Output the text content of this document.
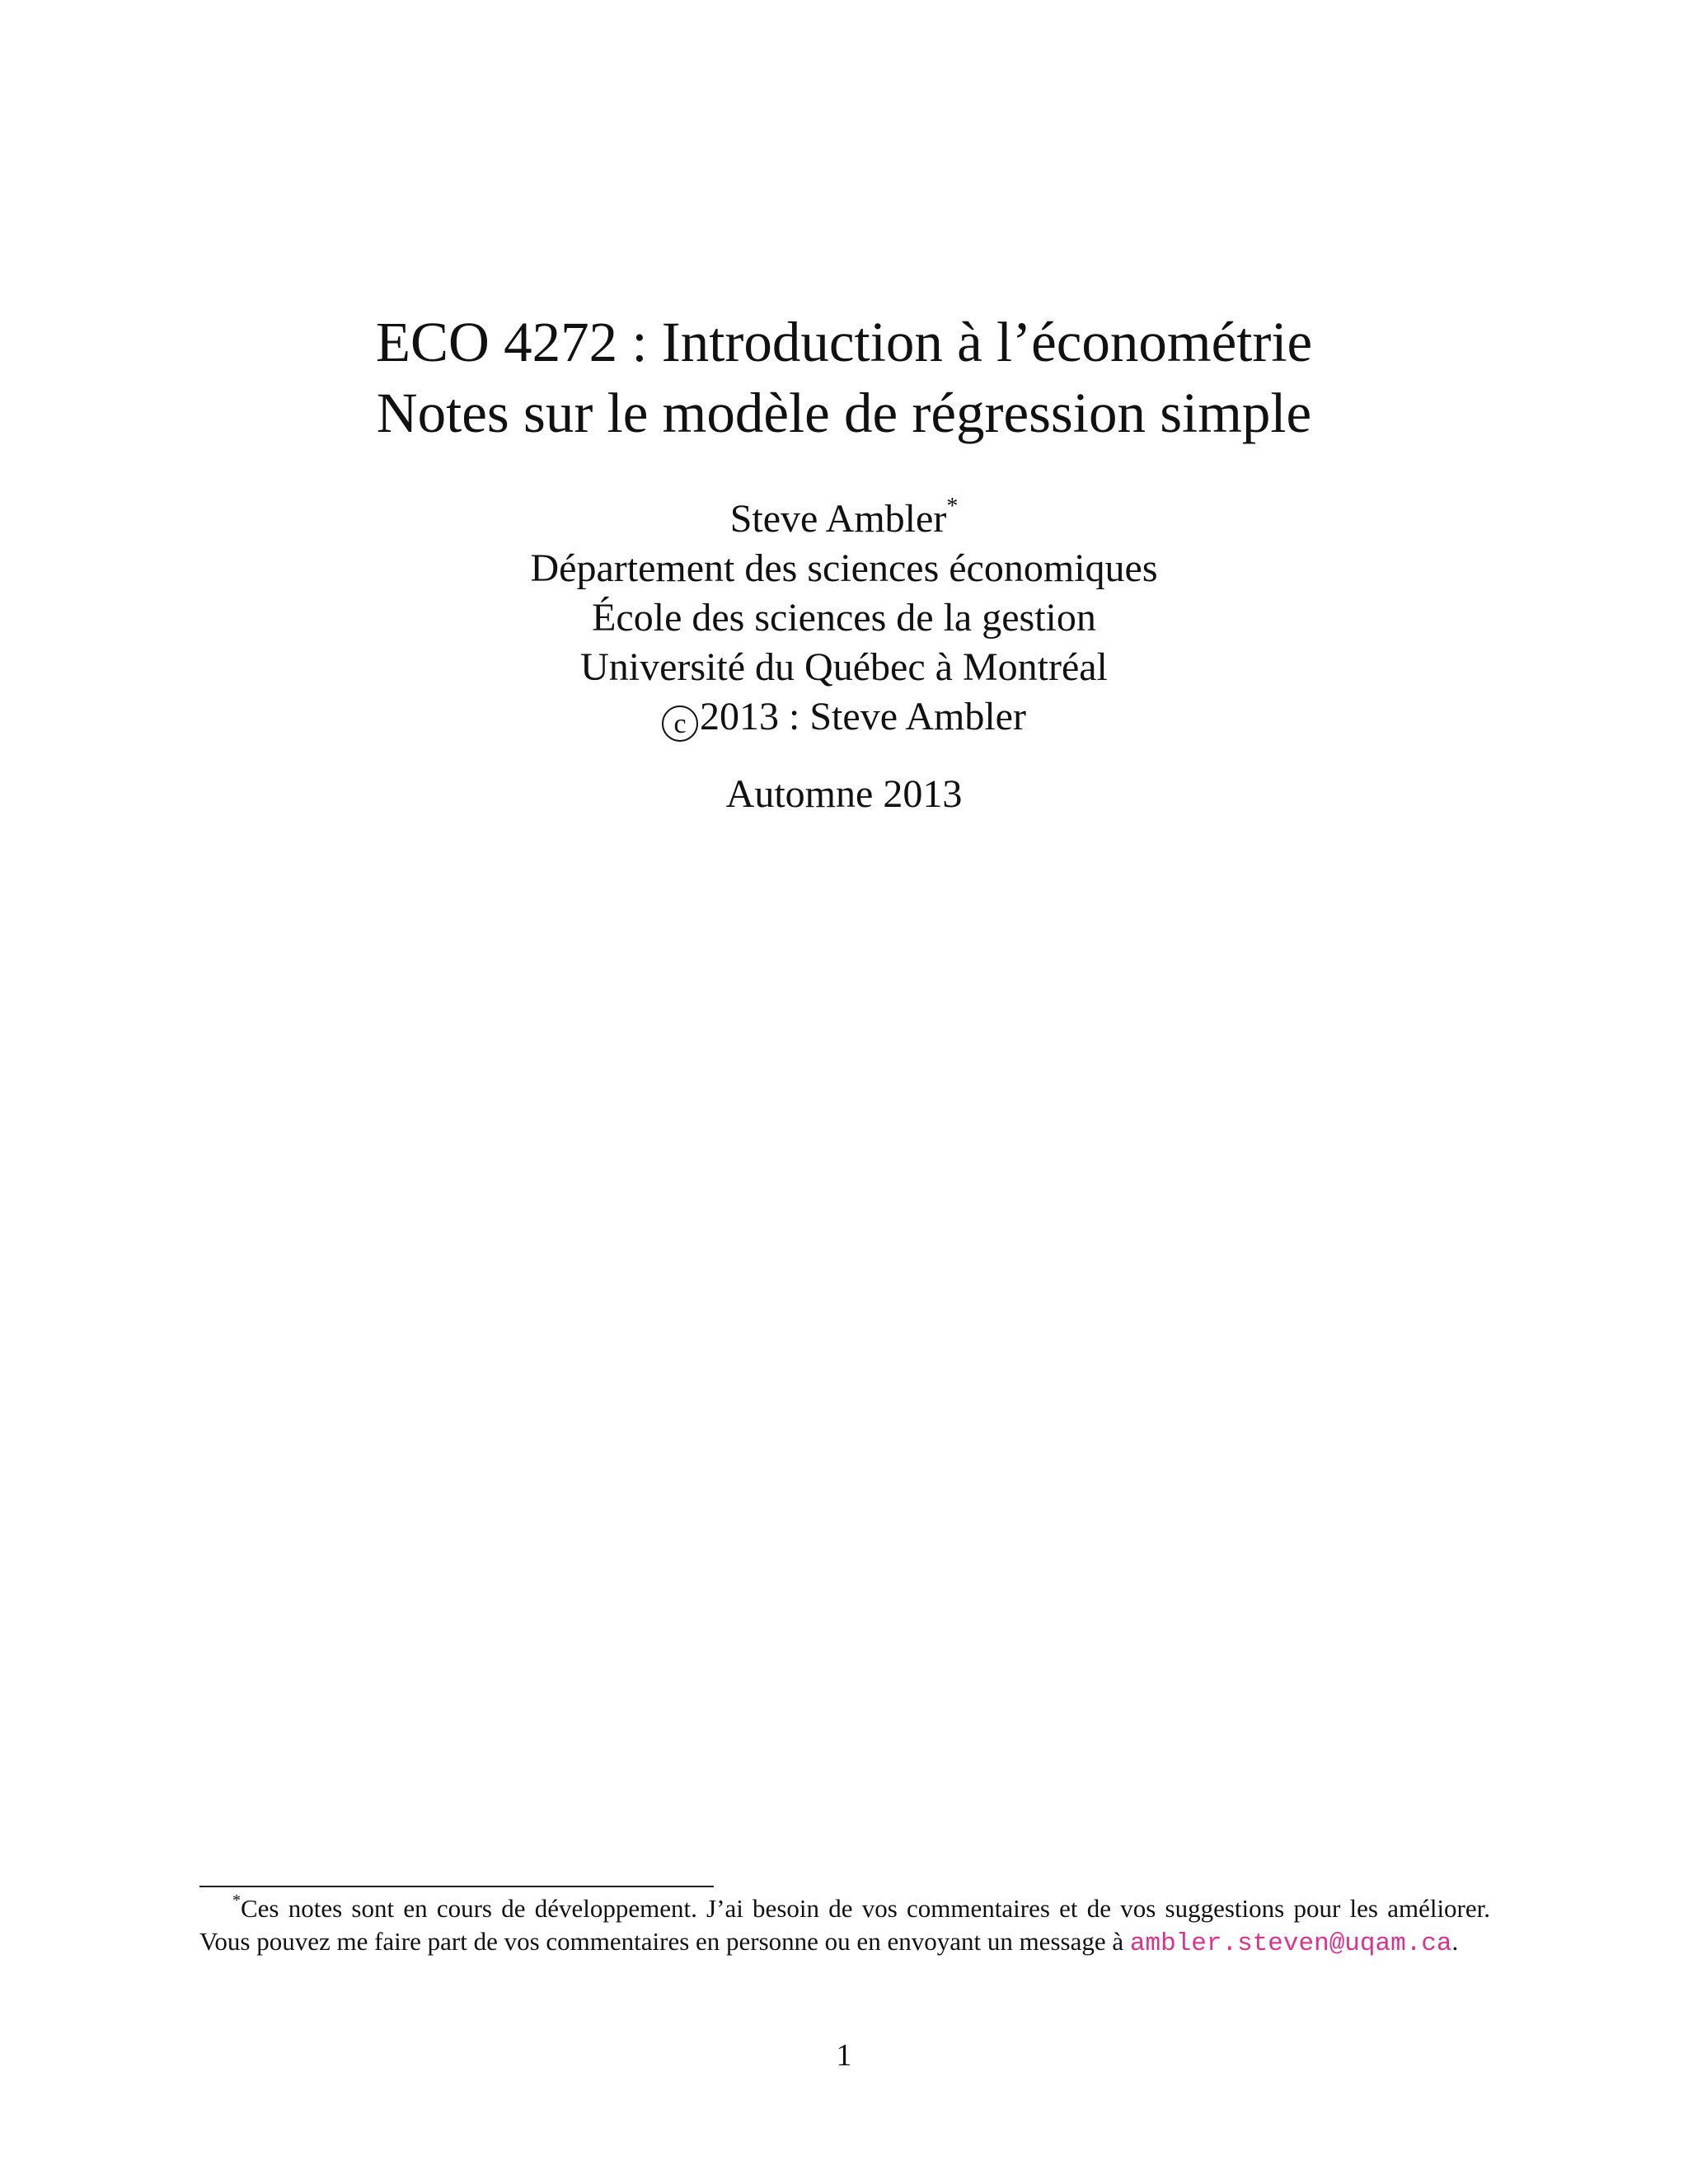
ECO 4272 : Introduction à l’économétrie
Notes sur le modèle de régression simple
Steve Ambler*
Département des sciences économiques
École des sciences de la gestion
Université du Québec à Montréal
c 2013 : Steve Ambler
Automne 2013
*Ces notes sont en cours de développement. J’ai besoin de vos commentaires et de vos suggestions pour les améliorer. Vous pouvez me faire part de vos commentaires en personne ou en envoyant un message à ambler.steven@uqam.ca.
1
